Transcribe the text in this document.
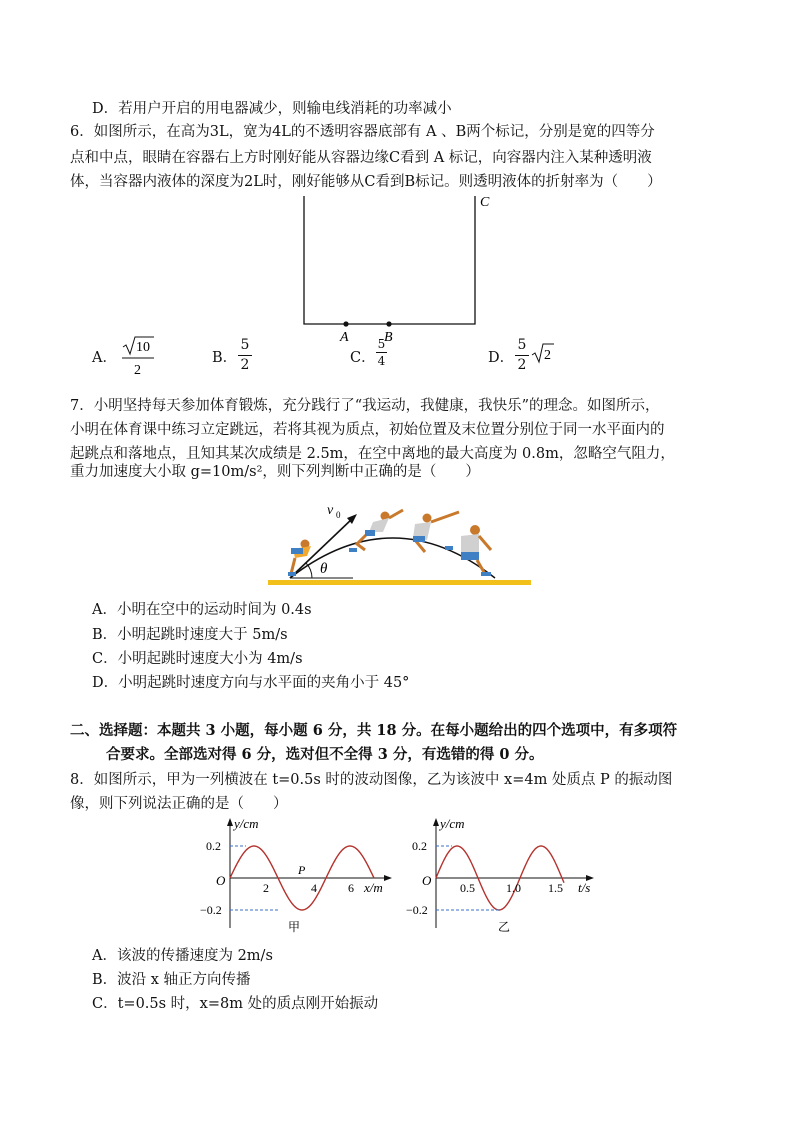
D．若用户开启的用电器减少，则输电线消耗的功率减小
6．如图所示，在高为3L，宽为4L的不透明容器底部有 A 、B两个标记，分别是宽的四等分
点和中点，眼睛在容器右上方时刚好能从容器边缘C看到 A 标记，向容器内注入某种透明液
体，当容器内液体的深度为2L时，刚好能够从C看到B标记。则透明液体的折射率为（　　）
C
A	B
A．
10
2
B．
5
2	C．
5
4	D．
5
2
2
7．小明坚持每天参加体育锻炼，充分践行了“我运动，我健康，我快乐”的理念。如图所示，
小明在体育课中练习立定跳远，若将其视为质点，初始位置及末位置分别位于同一水平面内的
起跳点和落地点，且知其某次成绩是 2.5m，在空中离地的最大高度为 0.8m，忽略空气阻力，
重力加速度大小取 g=10m/s²，则下列判断中正确的是（　　）
θ
v 0
A．小明在空中的运动时间为 0.4s
B．小明起跳时速度大于 5m/s
C．小明起跳时速度大小为 4m/s
D．小明起跳时速度方向与水平面的夹角小于 45°
二、选择题：本题共 3 小题，每小题 6 分，共 18 分。在每小题给出的四个选项中，有多项符
合要求。全部选对得 6 分，选对但不全得 3 分，有选错的得 0 分。
8．如图所示，甲为一列横波在 t=0.5s 时的波动图像，乙为该波中 x=4m 处质点 P 的振动图
像，则下列说法正确的是（　　）
y/cm
x/m
O
0.2
−0.2
2	4	6
P
甲
y/cm
t/s
O
0.2
−0.2
0.5	1.0 1.5
乙
A．该波的传播速度为 2m/s
B．波沿 x 轴正方向传播
C．t=0.5s 时，x=8m 处的质点刚开始振动
